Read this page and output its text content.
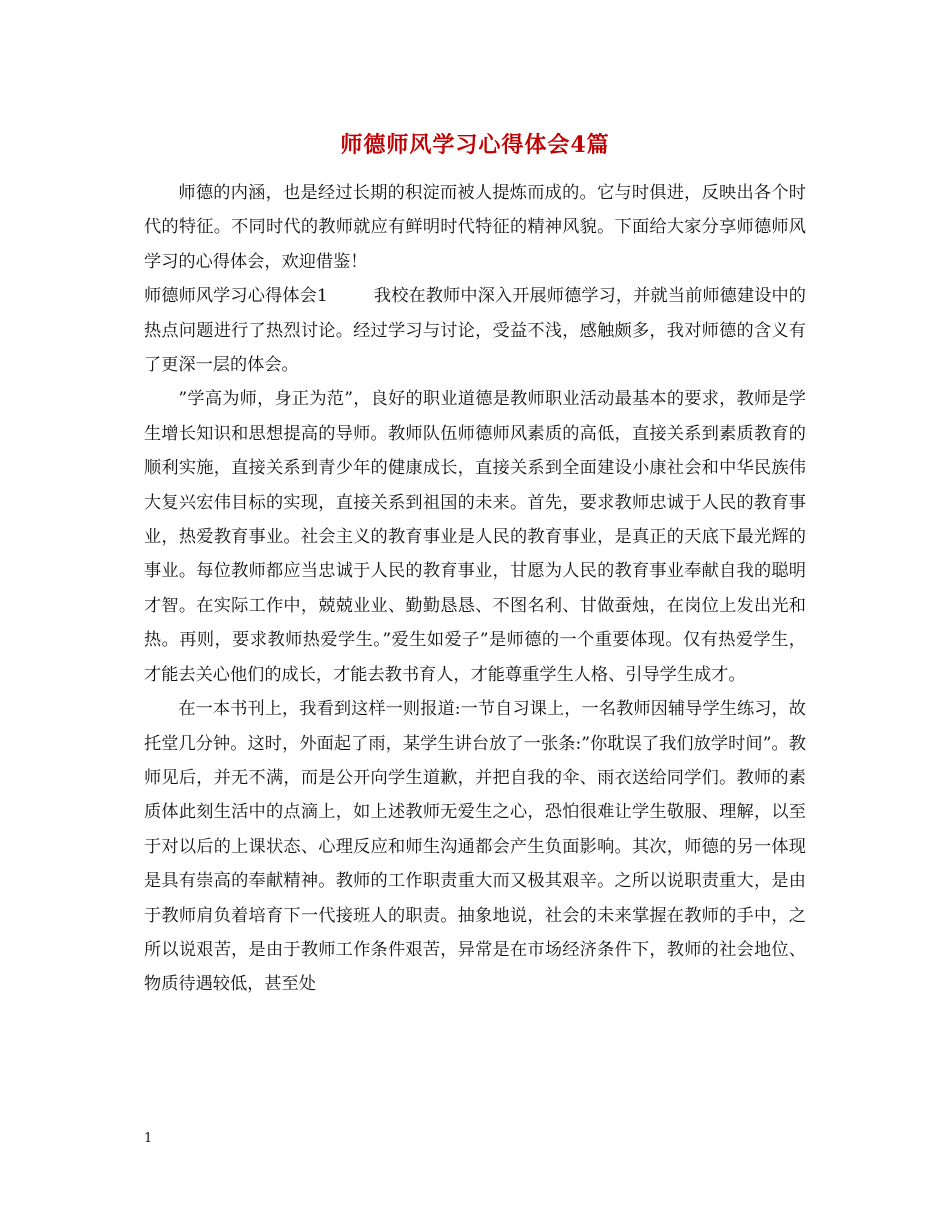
师德师风学习心得体会4篇

师德的内涵，也是经过长期的积淀而被人提炼而成的。它与时俱进，反映出各个时代的特征。不同时代的教师就应有鲜明时代特征的精神风貌。下面给大家分享师德师风学习的心得体会，欢迎借鉴！

师德师风学习心得体会1	我校在教师中深入开展师德学习，并就当前师德建设中的热点问题进行了热烈讨论。经过学习与讨论，受益不浅，感触颇多，我对师德的含义有了更深一层的体会。

”学高为师，身正为范”，良好的职业道德是教师职业活动最基本的要求，教师是学生增长知识和思想提高的导师。教师队伍师德师风素质的高低，直接关系到素质教育的顺利实施，直接关系到青少年的健康成长，直接关系到全面建设小康社会和中华民族伟大复兴宏伟目标的实现，直接关系到祖国的未来。首先，要求教师忠诚于人民的教育事业，热爱教育事业。社会主义的教育事业是人民的教育事业，是真正的天底下最光辉的事业。每位教师都应当忠诚于人民的教育事业，甘愿为人民的教育事业奉献自我的聪明才智。在实际工作中，兢兢业业、勤勤恳恳、不图名利、甘做蚕烛，在岗位上发出光和热。再则，要求教师热爱学生。”爱生如爱子”是师德的一个重要体现。仅有热爱学生，才能去关心他们的成长，才能去教书育人，才能尊重学生人格、引导学生成才。

在一本书刊上，我看到这样一则报道:一节自习课上，一名教师因辅导学生练习，故托堂几分钟。这时，外面起了雨，某学生讲台放了一张条:”你耽误了我们放学时间”。教师见后，并无不满，而是公开向学生道歉，并把自我的伞、雨衣送给同学们。教师的素质体此刻生活中的点滴上，如上述教师无爱生之心，恐怕很难让学生敬服、理解，以至于对以后的上课状态、心理反应和师生沟通都会产生负面影响。其次，师德的另一体现是具有崇高的奉献精神。教师的工作职责重大而又极其艰辛。之所以说职责重大，是由于教师肩负着培育下一代接班人的职责。抽象地说，社会的未来掌握在教师的手中，之所以说艰苦，是由于教师工作条件艰苦，异常是在市场经济条件下，教师的社会地位、物质待遇较低，甚至处

1
